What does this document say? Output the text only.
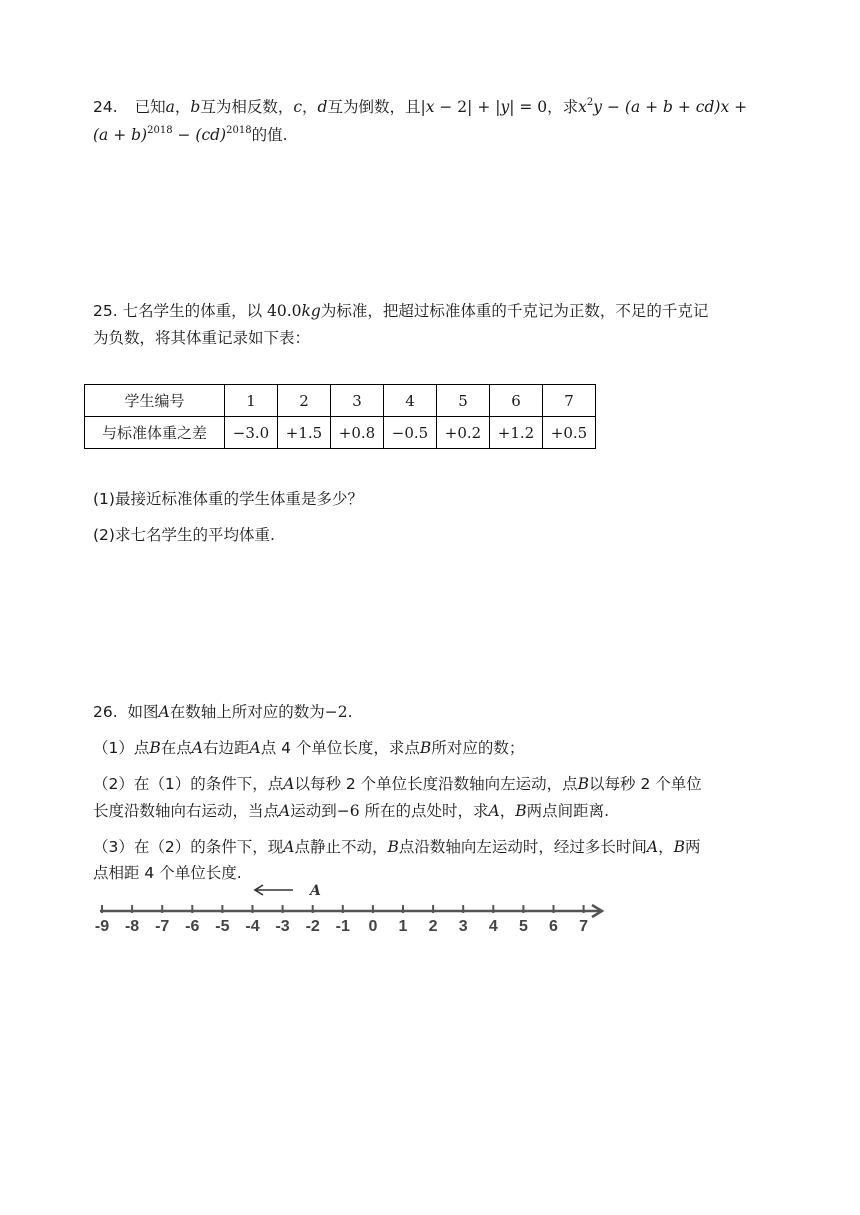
24. 已知a，b互为相反数，c，d互为倒数，且|x − 2| + |y| = 0，求$x^2y - (a + b + cd)x$ +
$(a + b)^{2018} - (cd)^{2018}$的值.
25. 七名学生的体重，以 40.0kg为标准，把超过标准体重的千克记为正数，不足的千克记
为负数，将其体重记录如下表：
学生编号	1	2	3	4	5	6	7
与标准体重之差	−3.0	+1.5	+0.8	−0.5	+0.2	+1.2	+0.5
(1)最接近标准体重的学生体重是多少？
(2)求七名学生的平均体重.
26.  如图A在数轴上所对应的数为−2.
（1）点B在点A右边距A点 4 个单位长度，求点B所对应的数；
（2）在（1）的条件下，点A以每秒 2 个单位长度沿数轴向左运动，点B以每秒 2 个单位
长度沿数轴向右运动，当点A运动到−6 所在的点处时，求A，B两点间距离.
（3）在（2）的条件下，现A点静止不动，B点沿数轴向左运动时，经过多长时间A，B两
点相距 4 个单位长度.
-9 -8 -7 -6 -5 -4 -3 -2 -1 0 1 2 3 4 5 6 7
A
